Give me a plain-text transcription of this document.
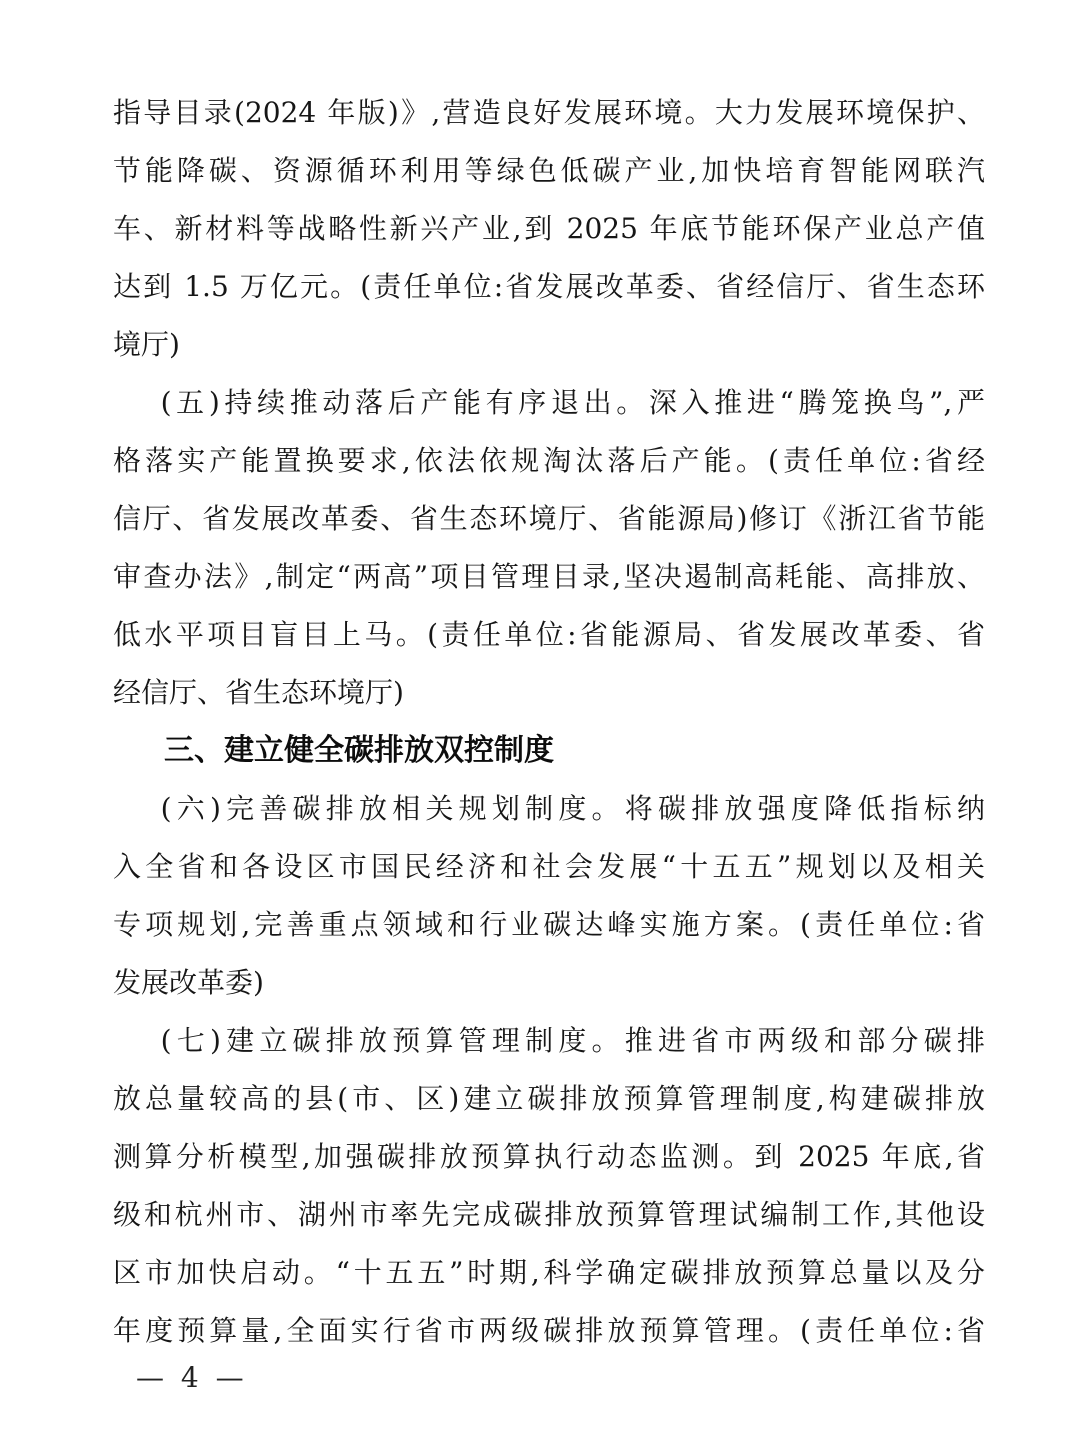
指导目录(2024 年版)》,营造良好发展环境。大力发展环境保护、
节能降碳、资源循环利用等绿色低碳产业,加快培育智能网联汽
车、新材料等战略性新兴产业,到 2025 年底节能环保产业总产值
达到 1.5 万亿元。(责任单位:省发展改革委、省经信厅、省生态环
境厅)
(五)持续推动落后产能有序退出。深入推进“腾笼换鸟”,严
格落实产能置换要求,依法依规淘汰落后产能。(责任单位:省经
信厅、省发展改革委、省生态环境厅、省能源局)修订《浙江省节能
审查办法》,制定“两高”项目管理目录,坚决遏制高耗能、高排放、
低水平项目盲目上马。(责任单位:省能源局、省发展改革委、省
经信厅、省生态环境厅)
三、建立健全碳排放双控制度
(六)完善碳排放相关规划制度。将碳排放强度降低指标纳
入全省和各设区市国民经济和社会发展“十五五”规划以及相关
专项规划,完善重点领域和行业碳达峰实施方案。(责任单位:省
发展改革委)
(七)建立碳排放预算管理制度。推进省市两级和部分碳排
放总量较高的县(市、区)建立碳排放预算管理制度,构建碳排放
测算分析模型,加强碳排放预算执行动态监测。到 2025 年底,省
级和杭州市、湖州市率先完成碳排放预算管理试编制工作,其他设
区市加快启动。“十五五”时期,科学确定碳排放预算总量以及分
年度预算量,全面实行省市两级碳排放预算管理。(责任单位:省
— 4 —
